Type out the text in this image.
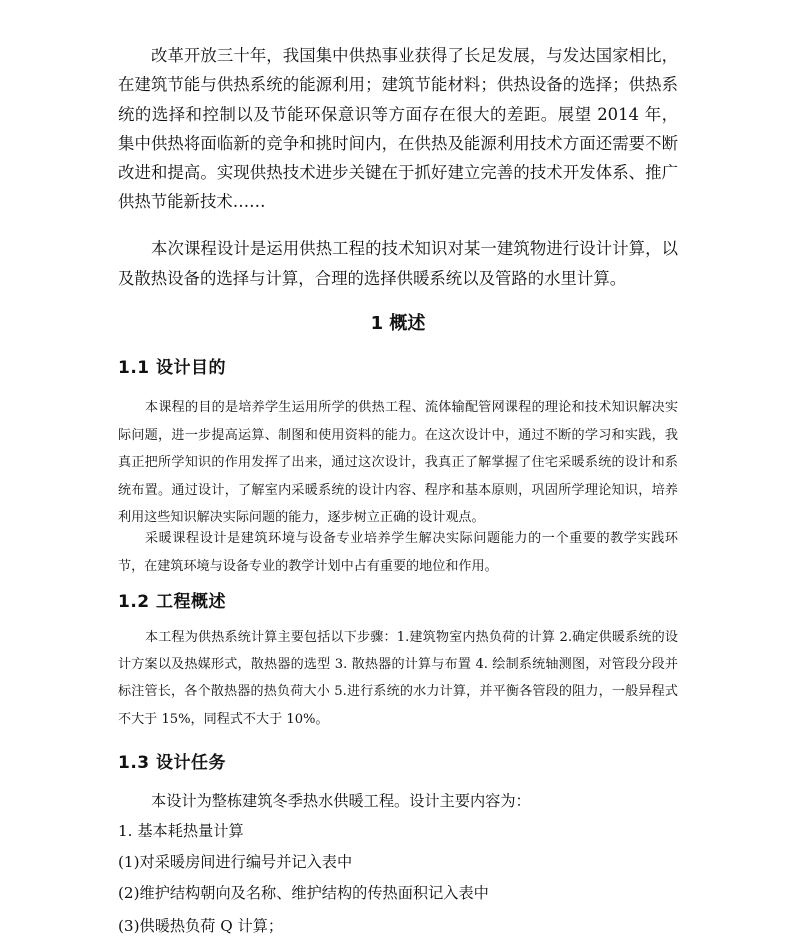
改革开放三十年，我国集中供热事业获得了长足发展，与发达国家相比，在建筑节能与供热系统的能源利用；建筑节能材料；供热设备的选择；供热系统的选择和控制以及节能环保意识等方面存在很大的差距。展望 2014 年，集中供热将面临新的竞争和挑时间内，在供热及能源利用技术方面还需要不断改进和提高。实现供热技术进步关键在于抓好建立完善的技术开发体系、推广供热节能新技术……

本次课程设计是运用供热工程的技术知识对某一建筑物进行设计计算，以及散热设备的选择与计算，合理的选择供暖系统以及管路的水里计算。

1 概述
1.1 设计目的

本课程的目的是培养学生运用所学的供热工程、流体输配管网课程的理论和技术知识解决实际问题，进一步提高运算、制图和使用资料的能力。在这次设计中，通过不断的学习和实践，我真正把所学知识的作用发挥了出来，通过这次设计，我真正了解掌握了住宅采暖系统的设计和系统布置。通过设计，了解室内采暖系统的设计内容、程序和基本原则，巩固所学理论知识，培养利用这些知识解决实际问题的能力，逐步树立正确的设计观点。

采暖课程设计是建筑环境与设备专业培养学生解决实际问题能力的一个重要的教学实践环节，在建筑环境与设备专业的教学计划中占有重要的地位和作用。

1.2 工程概述

本工程为供热系统计算主要包括以下步骤：1.建筑物室内热负荷的计算 2.确定供暖系统的设计方案以及热媒形式，散热器的选型 3. 散热器的计算与布置 4. 绘制系统轴测图，对管段分段并标注管长，各个散热器的热负荷大小 5.进行系统的水力计算，并平衡各管段的阻力，一般异程式不大于 15%，同程式不大于 10%。

1.3 设计任务

本设计为整栋建筑冬季热水供暖工程。设计主要内容为：

1. 基本耗热量计算

(1)对采暖房间进行编号并记入表中

(2)维护结构朝向及名称、维护结构的传热面积记入表中

(3)供暖热负荷 Q 计算；
